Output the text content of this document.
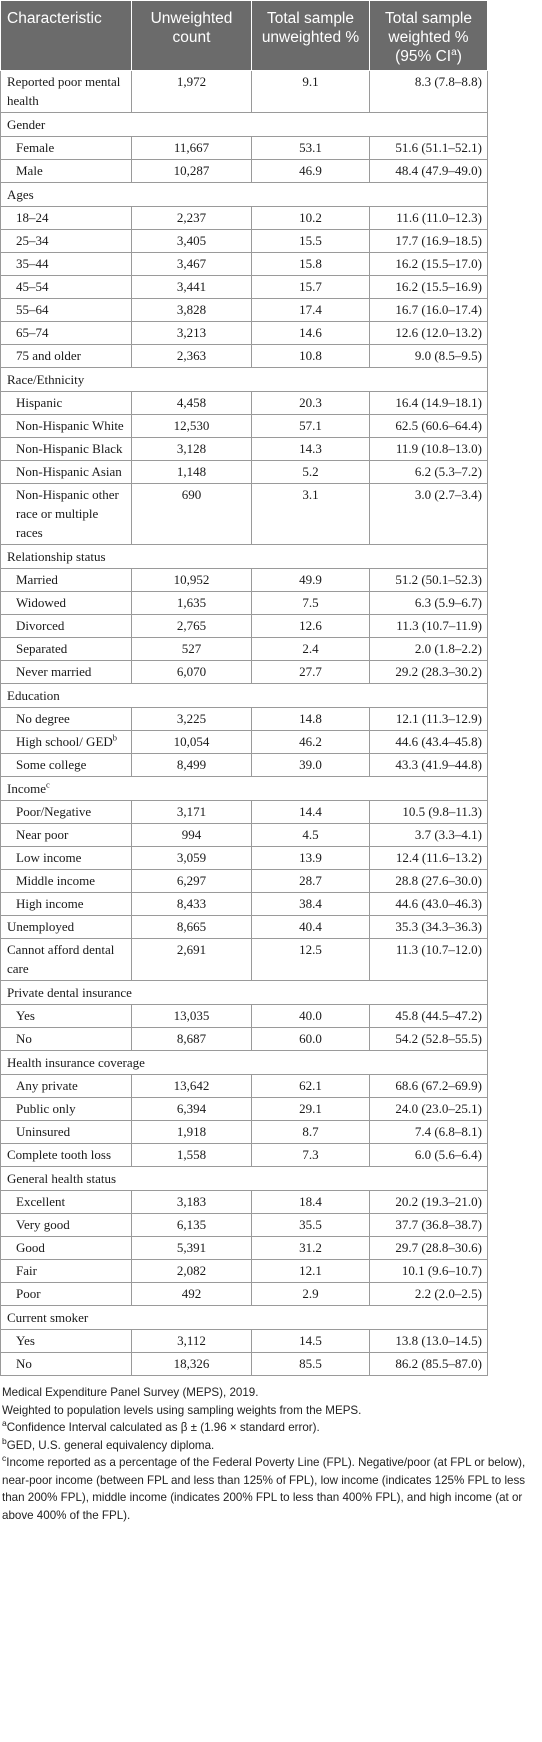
Characteristic	Unweighted count	Total sample unweighted %	Total sample weighted % (95% $CI^a$)
Reported poor mental health	1,972	9.1	8.3 (7.8–8.8)
Gender			
Female	11,667	53.1	51.6 (51.1–52.1)
Male	10,287	46.9	48.4 (47.9–49.0)
Ages			
18–24	2,237	10.2	11.6 (11.0–12.3)
25–34	3,405	15.5	17.7 (16.9–18.5)
35–44	3,467	15.8	16.2 (15.5–17.0)
45–54	3,441	15.7	16.2 (15.5–16.9)
55–64	3,828	17.4	16.7 (16.0–17.4)
65–74	3,213	14.6	12.6 (12.0–13.2)
75 and older	2,363	10.8	9.0 (8.5–9.5)
Race/Ethnicity			
Hispanic	4,458	20.3	16.4 (14.9–18.1)
Non-Hispanic White	12,530	57.1	62.5 (60.6–64.4)
Non-Hispanic Black	3,128	14.3	11.9 (10.8–13.0)
Non-Hispanic Asian	1,148	5.2	6.2 (5.3–7.2)
Non-Hispanic other race or multiple races	690	3.1	3.0 (2.7–3.4)
Relationship status			
Married	10,952	49.9	51.2 (50.1–52.3)
Widowed	1,635	7.5	6.3 (5.9–6.7)
Divorced	2,765	12.6	11.3 (10.7–11.9)
Separated	527	2.4	2.0 (1.8–2.2)
Never married	6,070	27.7	29.2 (28.3–30.2)
Education			
No degree	3,225	14.8	12.1 (11.3–12.9)
High school/ GED$^b$	10,054	46.2	44.6 (43.4–45.8)
Some college	8,499	39.0	43.3 (41.9–44.8)
Income$^c$
Poor/Negative	3,171	14.4	10.5 (9.8–11.3)
Near poor	994	4.5	3.7 (3.3–4.1)
Low income	3,059	13.9	12.4 (11.6–13.2)
Middle income	6,297	28.7	28.8 (27.6–30.0)
High income	8,433	38.4	44.6 (43.0–46.3)
Unemployed	8,665	40.4	35.3 (34.3–36.3)
Cannot afford dental care	2,691	12.5	11.3 (10.7–12.0)
Private dental insurance			
Yes	13,035	40.0	45.8 (44.5–47.2)
No	8,687	60.0	54.2 (52.8–55.5)
Health insurance coverage			
Any private	13,642	62.1	68.6 (67.2–69.9)
Public only	6,394	29.1	24.0 (23.0–25.1)
Uninsured	1,918	8.7	7.4 (6.8–8.1)
Complete tooth loss	1,558	7.3	6.0 (5.6–6.4)
General health status			
Excellent	3,183	18.4	20.2 (19.3–21.0)
Very good	6,135	35.5	37.7 (36.8–38.7)
Good	5,391	31.2	29.7 (28.8–30.6)
Fair	2,082	12.1	10.1 (9.6–10.7)
Poor	492	2.9	2.2 (2.0–2.5)
Current smoker			
Yes	3,112	14.5	13.8 (13.0–14.5)
No	18,326	85.5	86.2 (85.5–87.0)
Medical Expenditure Panel Survey (MEPS), 2019.
Weighted to population levels using sampling weights from the MEPS.
$^a$Confidence Interval calculated as β ± (1.96 × standard error).
$^b$GED, U.S. general equivalency diploma.
$^c$Income reported as a percentage of the Federal Poverty Line (FPL). Negative/poor (at FPL or below), near-poor income (between FPL and less than 125% of FPL), low income (indicates 125% FPL to less than 200% FPL), middle income (indicates 200% FPL to less than 400% FPL), and high income (at or above 400% of the FPL).
